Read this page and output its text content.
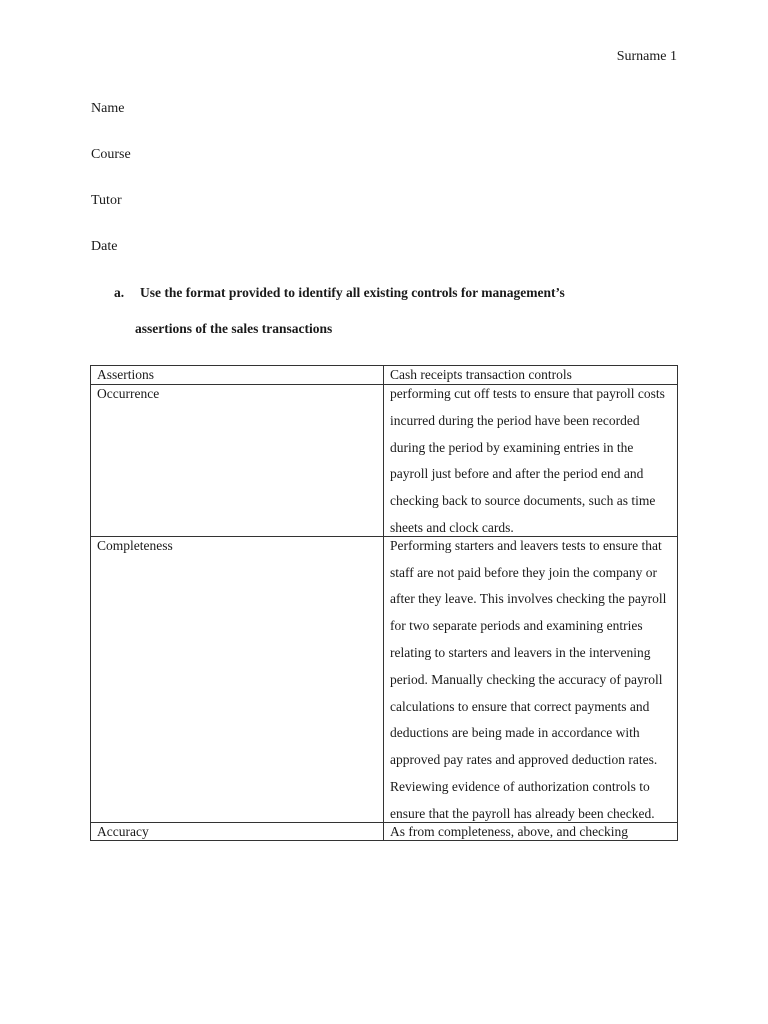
Surname 1
Name
Course
Tutor
Date
a. Use the format provided to identify all existing controls for management’s
assertions of the sales transactions
Assertions	Cash receipts transaction controls

Occurrence	performing cut off tests to ensure that payroll costs incurred during the period have been recorded during the period by examining entries in the payroll just before and after the period end and checking back to source documents, such as time sheets and clock cards.

Completeness	Performing starters and leavers tests to ensure that staff are not paid before they join the company or after they leave. This involves checking the payroll for two separate periods and examining entries relating to starters and leavers in the intervening period. Manually checking the accuracy of payroll calculations to ensure that correct payments and deductions are being made in accordance with approved pay rates and approved deduction rates. Reviewing evidence of authorization controls to ensure that the payroll has already been checked.

Accuracy	As from completeness, above, and checking
